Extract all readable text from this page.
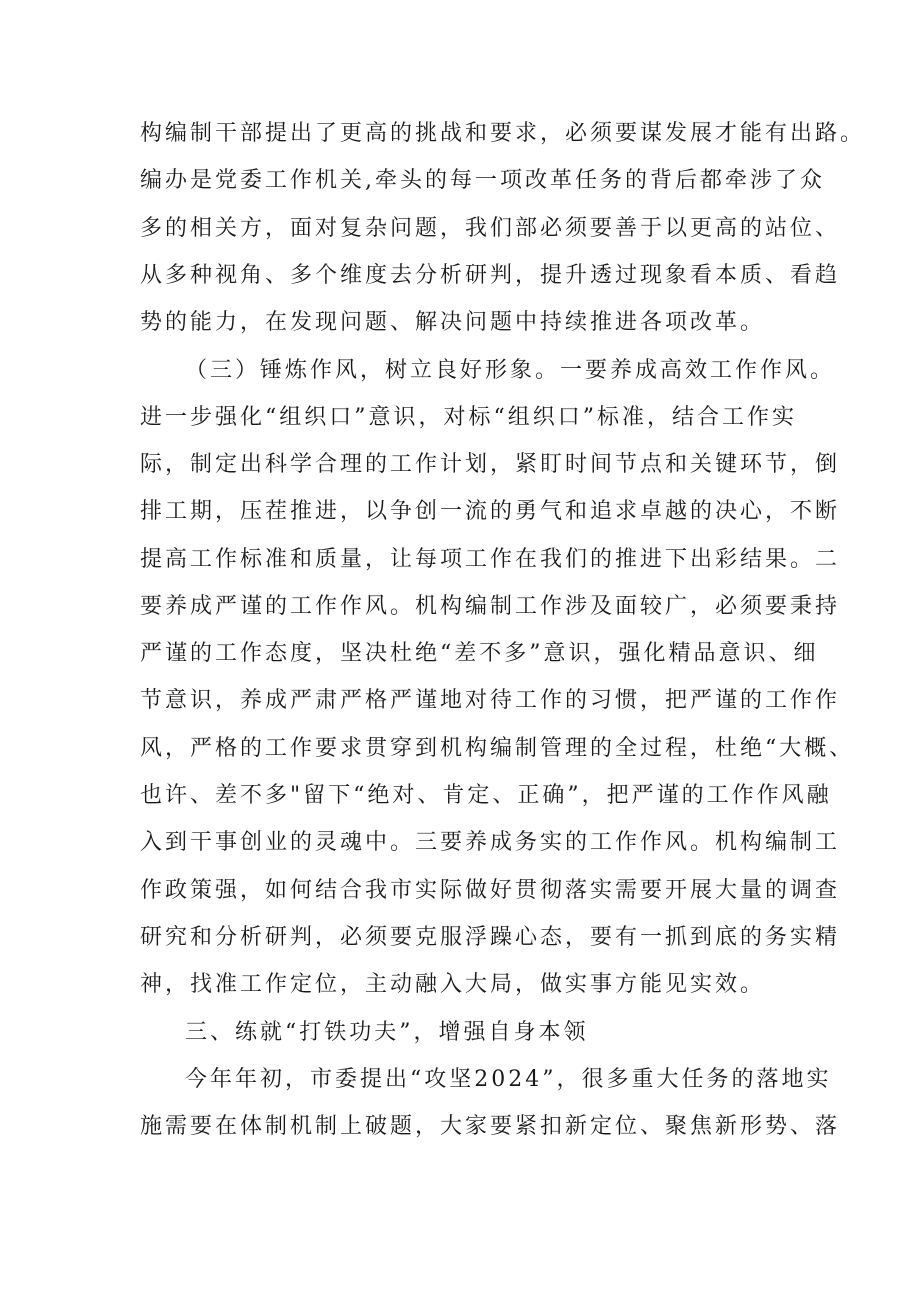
构编制干部提出了更高的挑战和要求，必须要谋发展才能有出路。
编办是党委工作机关,牵头的每一项改革任务的背后都牵涉了众
多的相关方，面对复杂问题，我们部必须要善于以更高的站位、
从多种视角、多个维度去分析研判，提升透过现象看本质、看趋
势的能力，在发现问题、解决问题中持续推进各项改革。
（三）锤炼作风，树立良好形象。一要养成高效工作作风。
进一步强化“组织口”意识，对标“组织口”标准，结合工作实
际，制定出科学合理的工作计划，紧盯时间节点和关键环节，倒
排工期，压茬推进，以争创一流的勇气和追求卓越的决心，不断
提高工作标准和质量，让每项工作在我们的推进下出彩结果。二
要养成严谨的工作作风。机构编制工作涉及面较广，必须要秉持
严谨的工作态度，坚决杜绝“差不多”意识，强化精品意识、细
节意识，养成严肃严格严谨地对待工作的习惯，把严谨的工作作
风，严格的工作要求贯穿到机构编制管理的全过程，杜绝“大概、
也许、差不多"留下“绝对、肯定、正确”，把严谨的工作作风融
入到干事创业的灵魂中。三要养成务实的工作作风。机构编制工
作政策强，如何结合我市实际做好贯彻落实需要开展大量的调查
研究和分析研判，必须要克服浮躁心态，要有一抓到底的务实精
神，找准工作定位，主动融入大局，做实事方能见实效。
三、练就“打铁功夫”，增强自身本领
今年年初，市委提出“攻坚2024”，很多重大任务的落地实
施需要在体制机制上破题，大家要紧扣新定位、聚焦新形势、落
